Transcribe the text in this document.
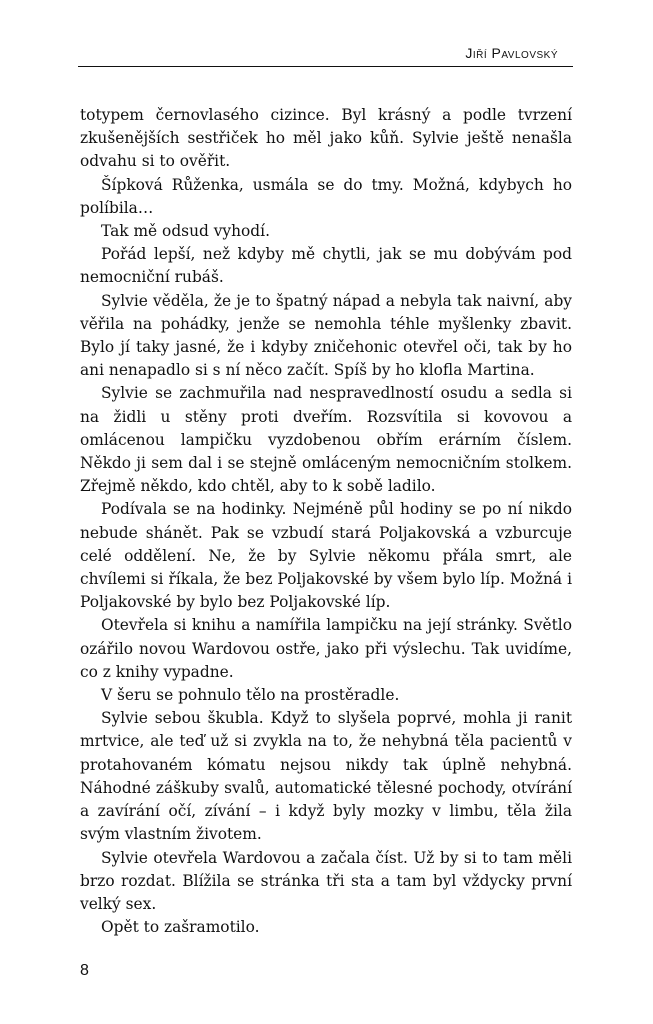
Jiří Pavlovský

totypem černovlasého cizince. Byl krásný a podle tvrzení zkušenějších sestřiček ho měl jako kůň. Sylvie ještě nenašla odvahu si to ověřit.

Šípková Růženka, usmála se do tmy. Možná, kdybych ho políbila…

Tak mě odsud vyhodí.

Pořád lepší, než kdyby mě chytli, jak se mu dobývám pod nemocniční rubáš.

Sylvie věděla, že je to špatný nápad a nebyla tak naivní, aby věřila na pohádky, jenže se nemohla téhle myšlenky zbavit. Bylo jí taky jasné, že i kdyby zničehonic otevřel oči, tak by ho ani nenapadlo si s ní něco začít. Spíš by ho klofla Martina.

Sylvie se zachmuřila nad nespravedlností osudu a sedla si na židli u stěny proti dveřím. Rozsvítila si kovovou a omlácenou lampičku vyzdobenou obřím erárním číslem. Někdo ji sem dal i se stejně omláceným nemocničním stolkem. Zřejmě někdo, kdo chtěl, aby to k sobě ladilo.

Podívala se na hodinky. Nejméně půl hodiny se po ní nikdo nebude shánět. Pak se vzbudí stará Poljakovská a vzburcuje celé oddělení. Ne, že by Sylvie někomu přála smrt, ale chvílemi si říkala, že bez Poljakovské by všem bylo líp. Možná i Poljakovské by bylo bez Poljakovské líp.

Otevřela si knihu a namířila lampičku na její stránky. Světlo ozářilo novou Wardovou ostře, jako při výslechu. Tak uvidíme, co z knihy vypadne.

V šeru se pohnulo tělo na prostěradle.

Sylvie sebou škubla. Když to slyšela poprvé, mohla ji ranit mrtvice, ale teď už si zvykla na to, že nehybná těla pacientů v protahovaném kómatu nejsou nikdy tak úplně nehybná. Náhodné záškuby svalů, automatické tělesné pochody, otvírání a zavírání očí, zívání – i když byly mozky v limbu, těla žila svým vlastním životem.

Sylvie otevřela Wardovou a začala číst. Už by si to tam měli brzo rozdat. Blížila se stránka tři sta a tam byl vždycky první velký sex.

Opět to zašramotilo.

8
